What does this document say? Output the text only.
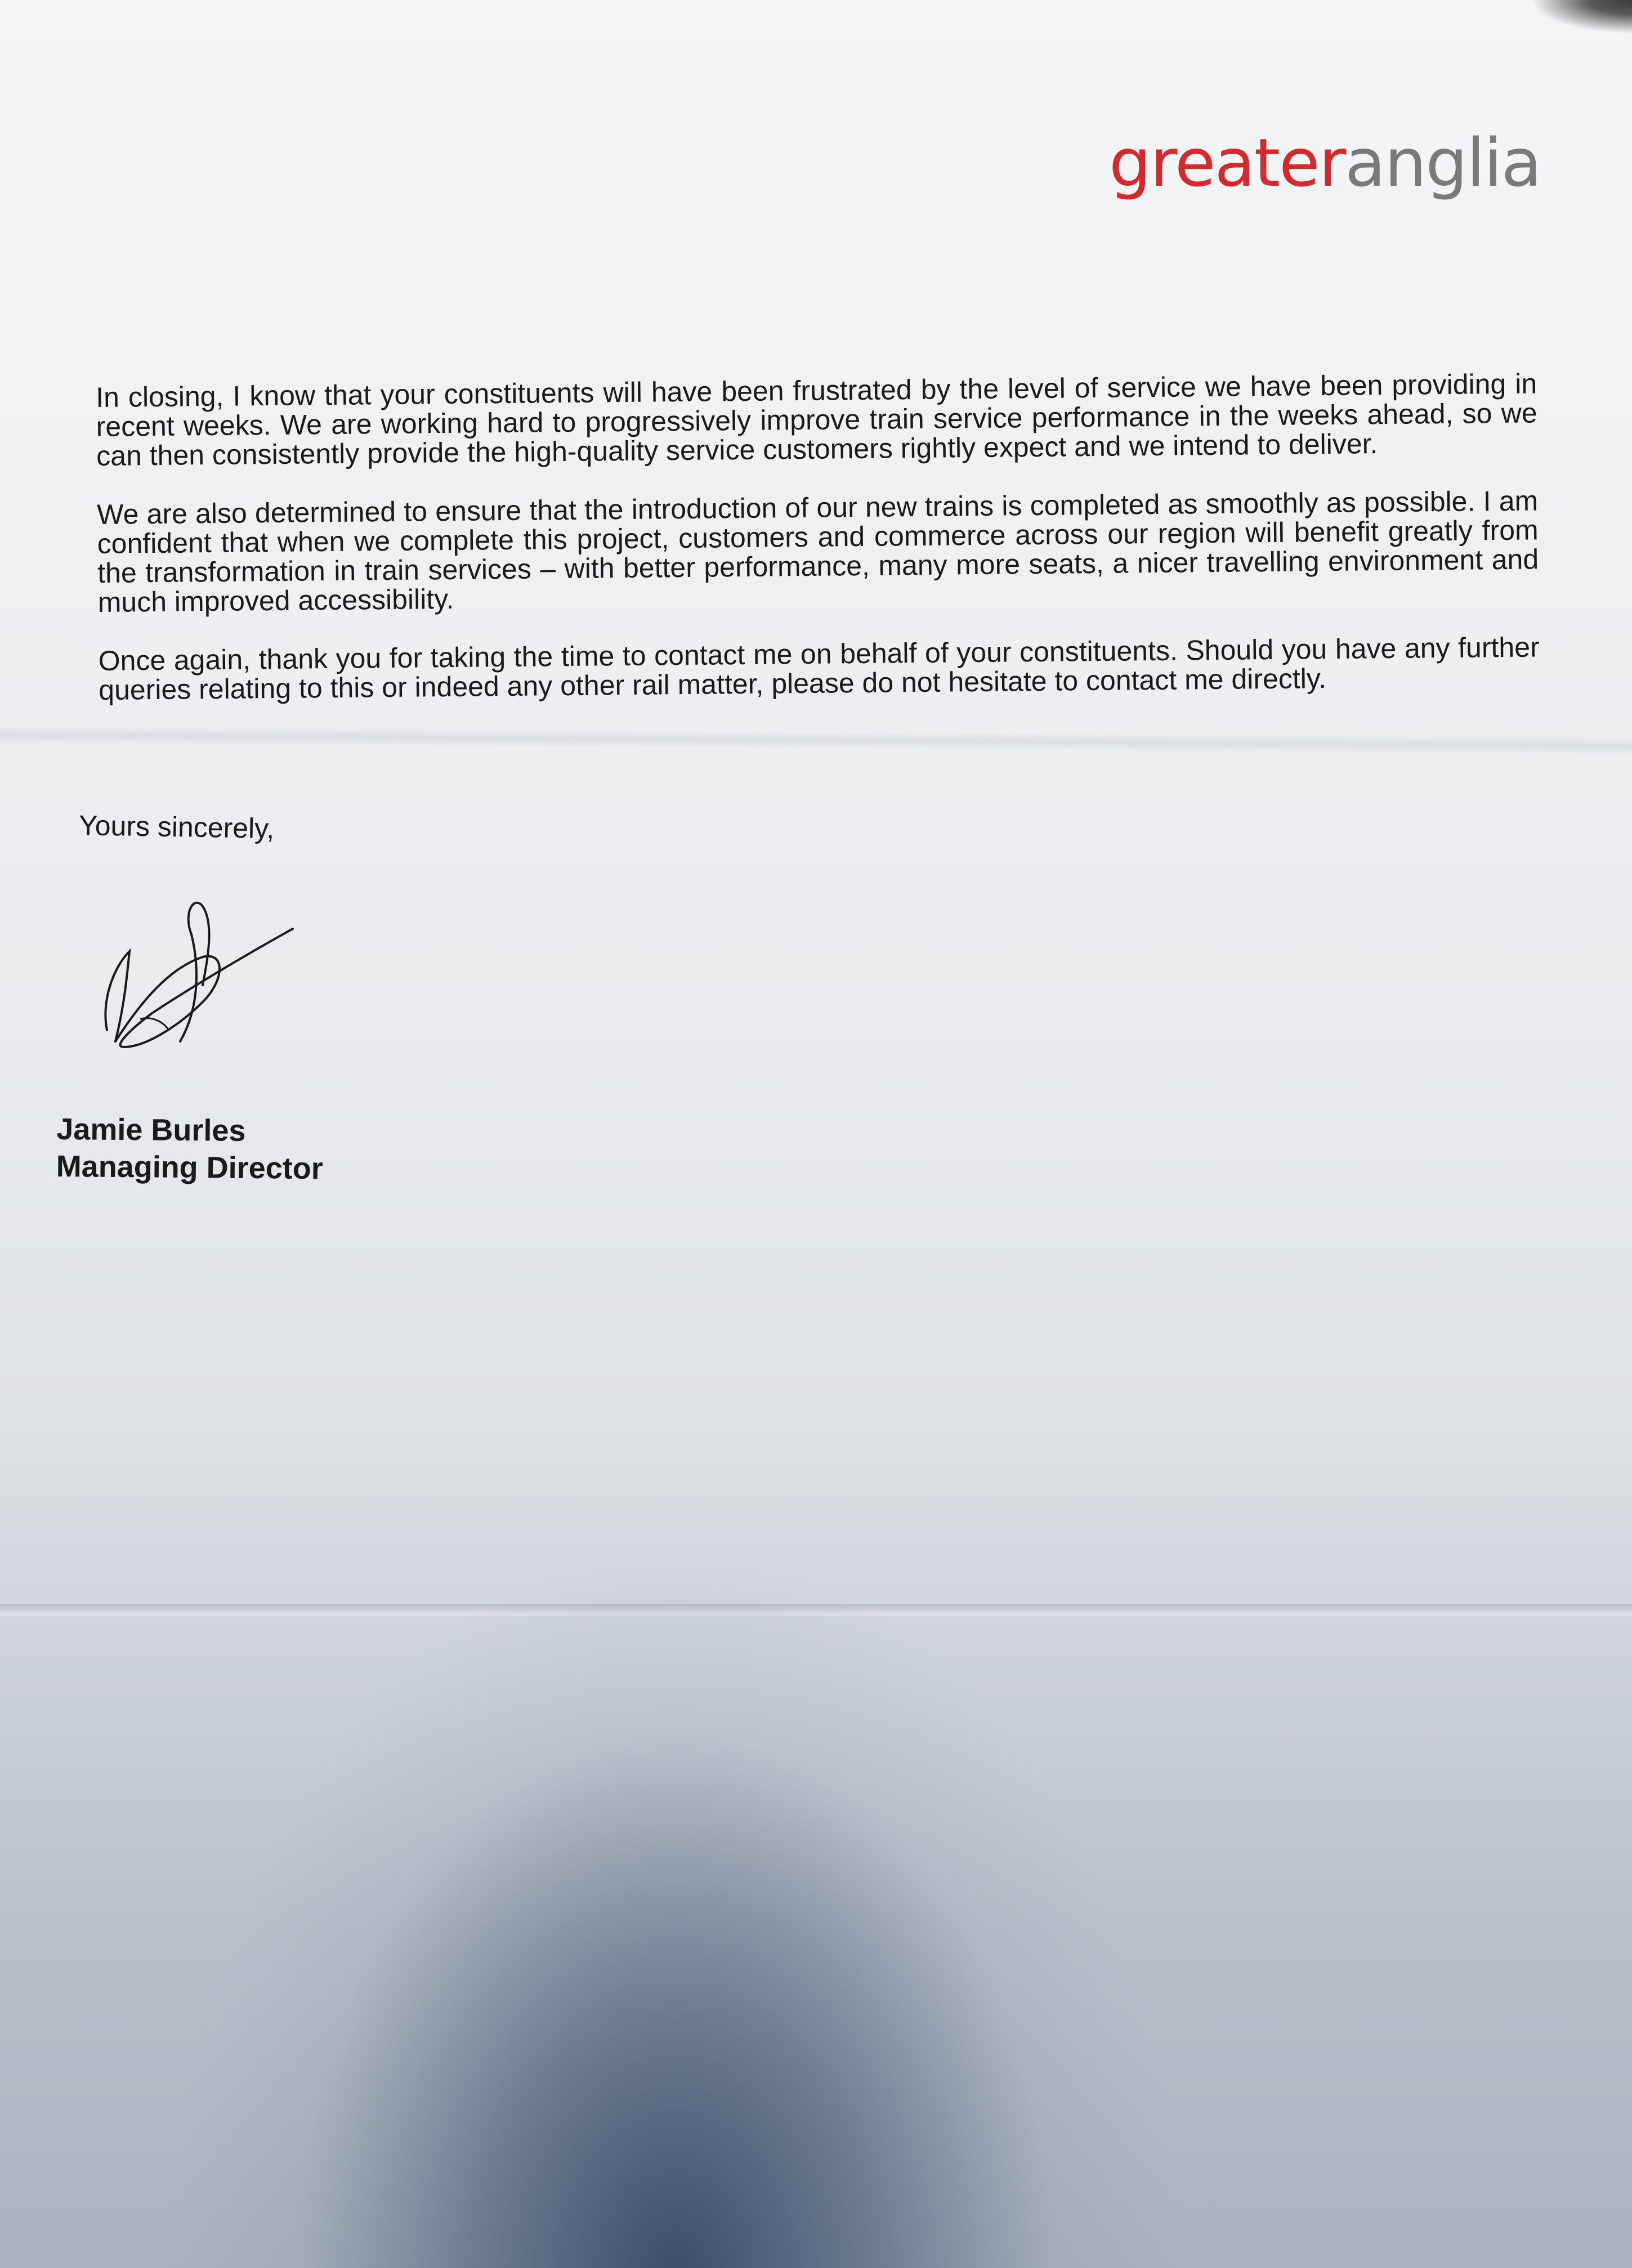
greateranglia

In closing, I know that your constituents will have been frustrated by the level of service we have been providing in recent weeks. We are working hard to progressively improve train service performance in the weeks ahead, so we can then consistently provide the high-quality service customers rightly expect and we intend to deliver.

We are also determined to ensure that the introduction of our new trains is completed as smoothly as possible. I am confident that when we complete this project, customers and commerce across our region will benefit greatly from the transformation in train services – with better performance, many more seats, a nicer travelling environment and much improved accessibility.

Once again, thank you for taking the time to contact me on behalf of your constituents. Should you have any further queries relating to this or indeed any other rail matter, please do not hesitate to contact me directly.

Yours sincerely,
Jamie Burles
Managing Director
